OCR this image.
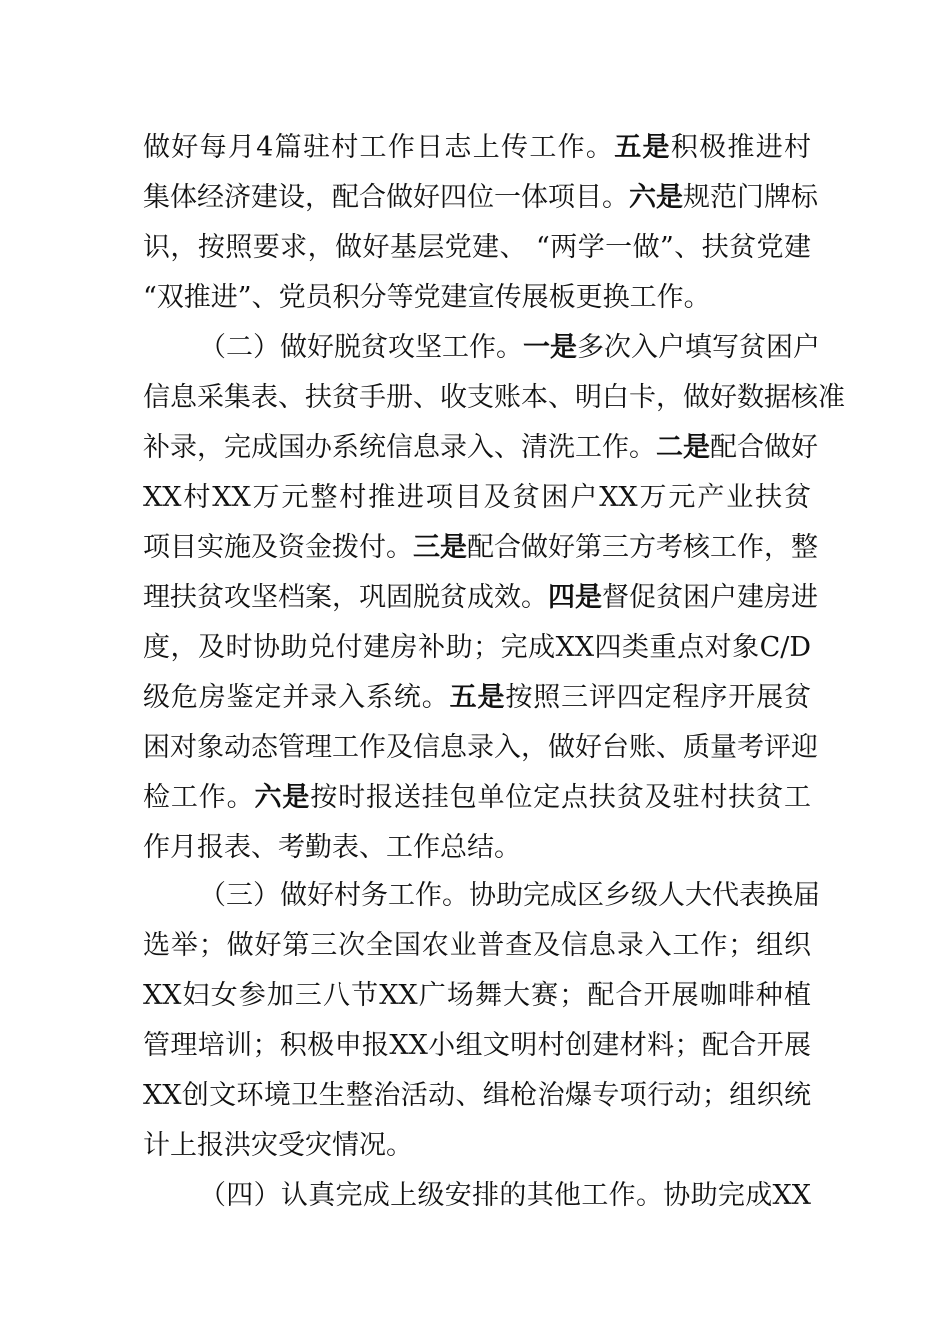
做好每月4篇驻村工作日志上传工作。五是积极推进村
集体经济建设，配合做好四位一体项目。六是规范门牌标
识，按照要求，做好基层党建、 “两学一做”、扶贫党建
“双推进”、党员积分等党建宣传展板更换工作。
（二）做好脱贫攻坚工作。一是多次入户填写贫困户
信息采集表、扶贫手册、收支账本、明白卡，做好数据核准
补录，完成国办系统信息录入、清洗工作。二是配合做好
XX村XX万元整村推进项目及贫困户XX万元产业扶贫
项目实施及资金拨付。三是配合做好第三方考核工作，整
理扶贫攻坚档案，巩固脱贫成效。四是督促贫困户建房进
度，及时协助兑付建房补助；完成XX四类重点对象C/D
级危房鉴定并录入系统。五是按照三评四定程序开展贫
困对象动态管理工作及信息录入，做好台账、质量考评迎
检工作。六是按时报送挂包单位定点扶贫及驻村扶贫工
作月报表、考勤表、工作总结。
（三）做好村务工作。协助完成区乡级人大代表换届
选举；做好第三次全国农业普查及信息录入工作；组织
XX妇女参加三八节XX广场舞大赛；配合开展咖啡种植
管理培训；积极申报XX小组文明村创建材料；配合开展
XX创文环境卫生整治活动、缉枪治爆专项行动；组织统
计上报洪灾受灾情况。
（四）认真完成上级安排的其他工作。协助完成XX
